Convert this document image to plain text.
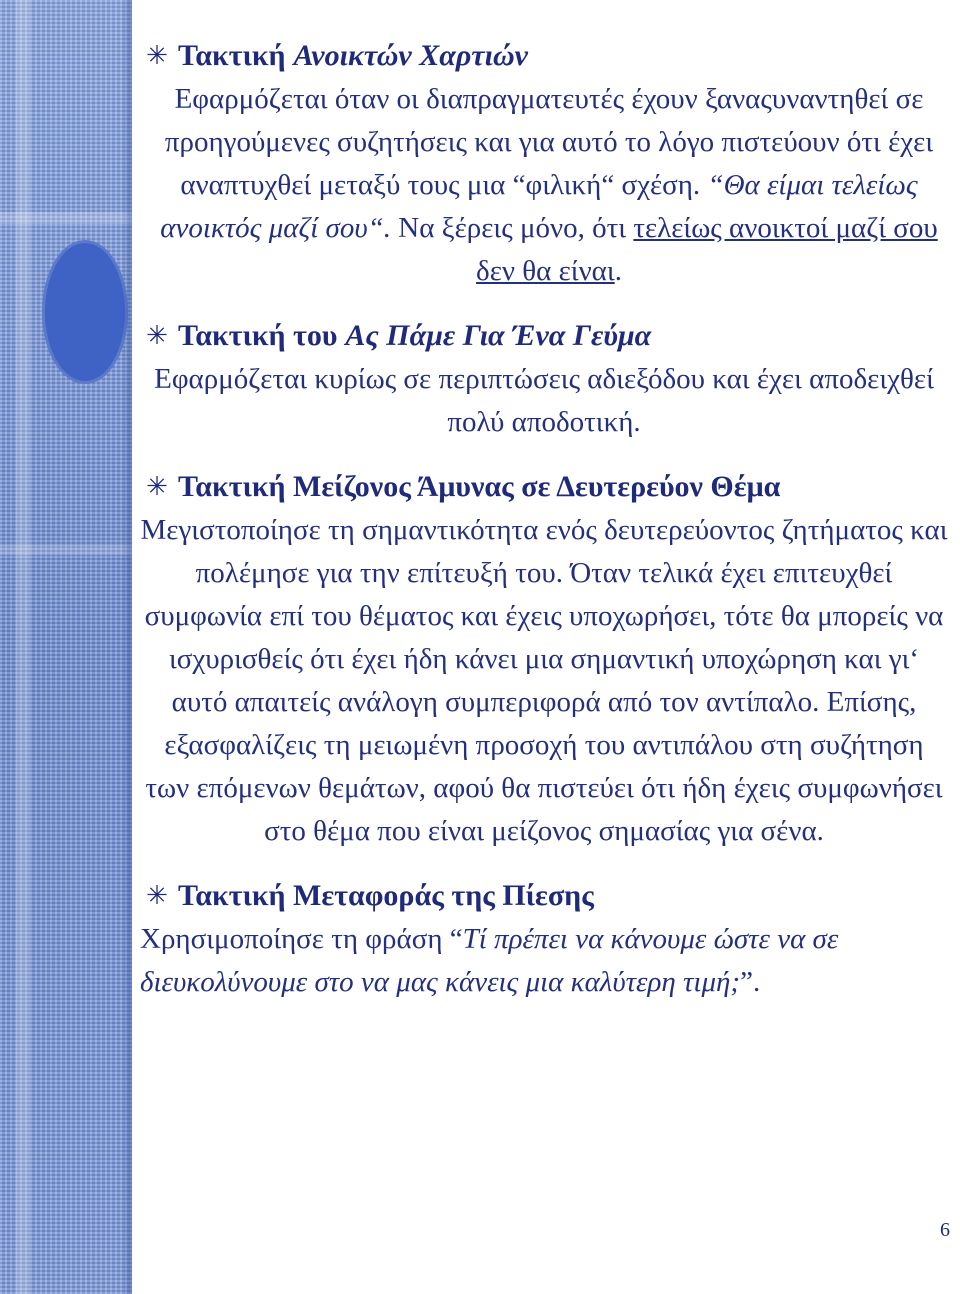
✳ Τακτική Ανοικτών Χαρτιών
Εφαρμόζεται όταν οι διαπραγματευτές έχουν ξαναςυναντηθεί σε προηγούμενες συζητήσεις και για αυτό το λόγο πιστεύουν ότι έχει αναπτυχθεί μεταξύ τους μια “φιλική“ σχέση. “Θα είμαι τελείως ανοικτός μαζί σου“. Να ξέρεις μόνο, ότι τελείως ανοικτοί μαζί σου δεν θα είναι.
✳ Τακτική του Ας Πάμε Για Ένα Γεύμα
Εφαρμόζεται κυρίως σε περιπτώσεις αδιεξόδου και έχει αποδειχθεί πολύ αποδοτική.
✳ Τακτική Μείζονος Άμυνας σε Δευτερεύον Θέμα
Μεγιστοποίησε τη σημαντικότητα ενός δευτερεύοντος ζητήματος και πολέμησε για την επίτευξή του. Όταν τελικά έχει επιτευχθεί συμφωνία επί του θέματος και έχεις υποχωρήσει, τότε θα μπορείς να ισχυρισθείς ότι έχει ήδη κάνει μια σημαντική υποχώρηση και γι‘ αυτό απαιτείς ανάλογη συμπεριφορά από τον αντίπαλο. Επίσης, εξασφαλίζεις τη μειωμένη προσοχή του αντιπάλου στη συζήτηση των επόμενων θεμάτων, αφού θα πιστεύει ότι ήδη έχεις συμφωνήσει στο θέμα που είναι μείζονος σημασίας για σένα.
✳ Τακτική Μεταφοράς της Πίεσης
Χρησιμοποίησε τη φράση “Τί πρέπει να κάνουμε ώστε να σε διευκολύνουμε στο να μας κάνεις μια καλύτερη τιμή;”.
6
